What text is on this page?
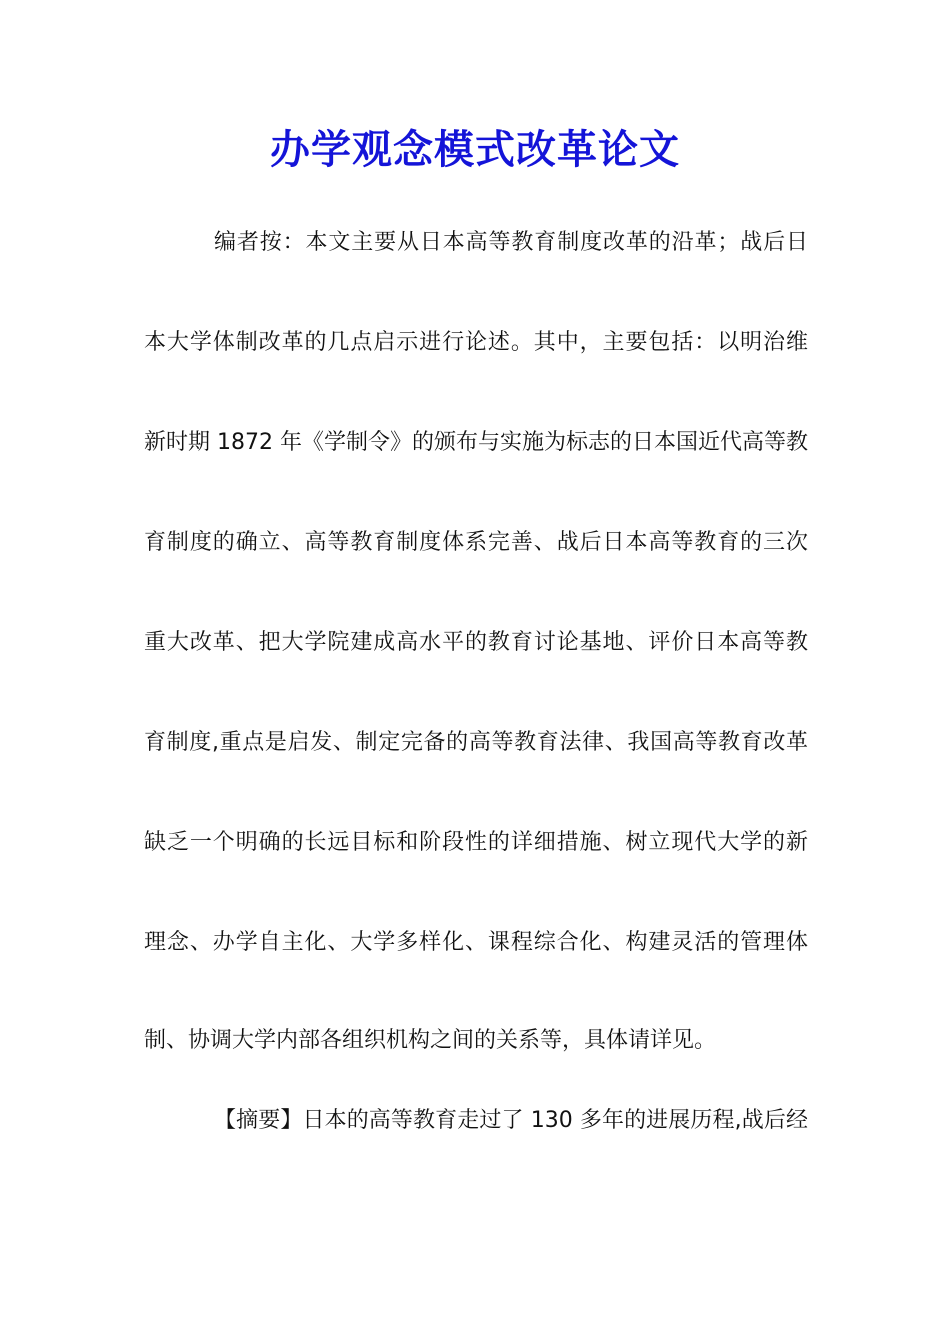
办学观念模式改革论文

编者按：本文主要从日本高等教育制度改革的沿革；战后日

本大学体制改革的几点启示进行论述。其中，主要包括：以明治维

新时期 1872 年《学制令》的颁布与实施为标志的日本国近代高等教

育制度的确立、高等教育制度体系完善、战后日本高等教育的三次

重大改革、把大学院建成高水平的教育讨论基地、评价日本高等教

育制度,重点是启发、制定完备的高等教育法律、我国高等教育改革

缺乏一个明确的长远目标和阶段性的详细措施、树立现代大学的新

理念、办学自主化、大学多样化、课程综合化、构建灵活的管理体

制、协调大学内部各组织机构之间的关系等，具体请详见。

【摘要】日本的高等教育走过了 130 多年的进展历程,战后经
